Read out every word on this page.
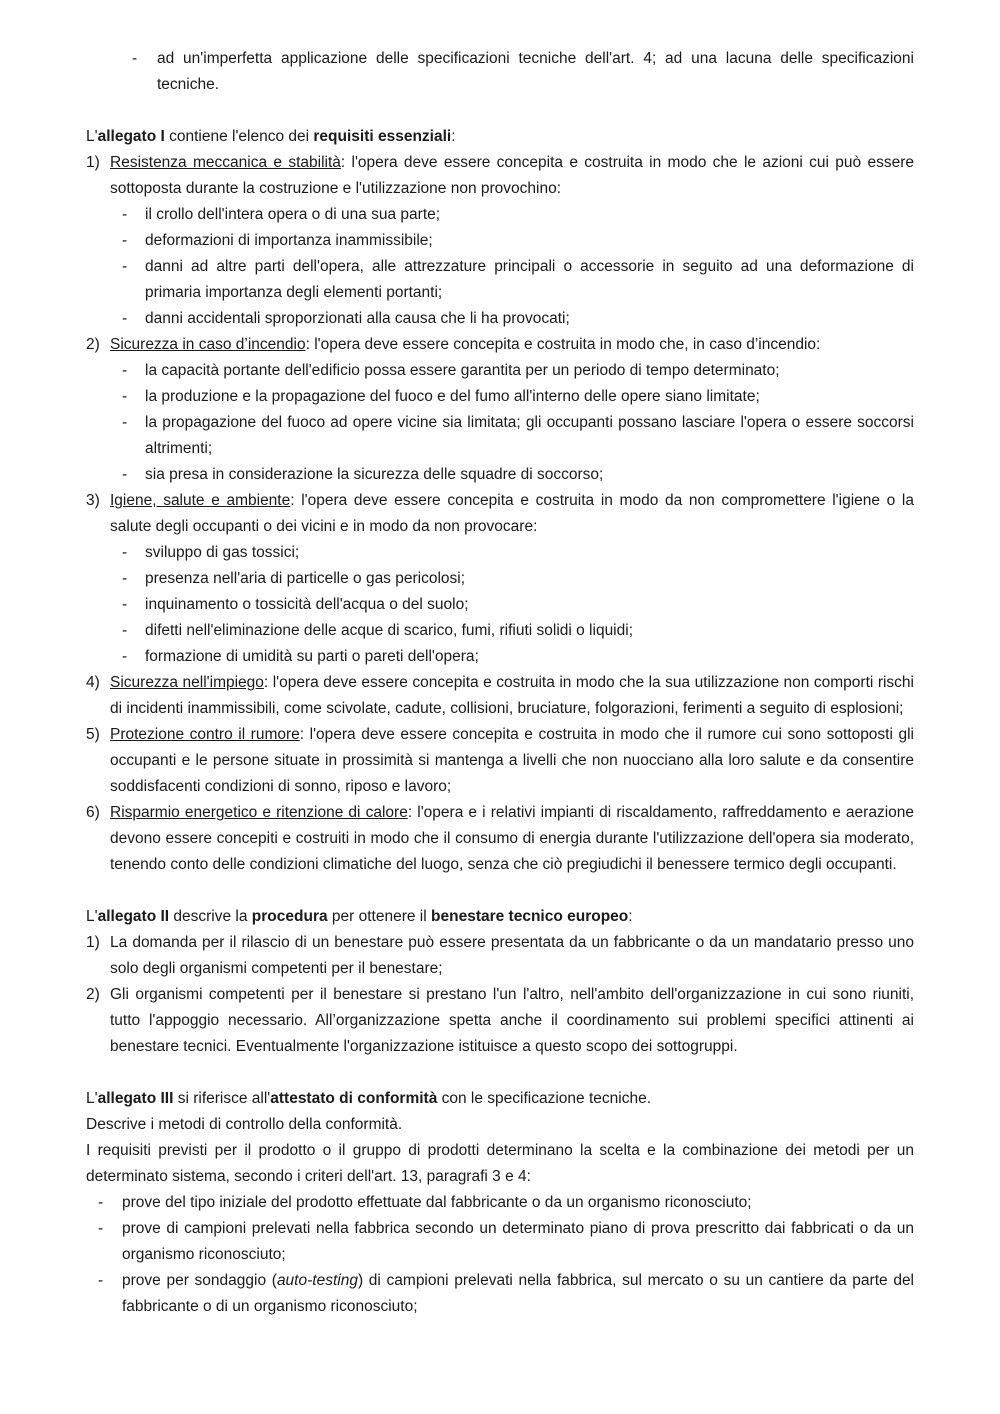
- ad un'imperfetta applicazione delle specificazioni tecniche dell'art. 4; ad una lacuna delle specificazioni tecniche.

L'allegato I contiene l'elenco dei requisiti essenziali:

1) Resistenza meccanica e stabilità: l'opera deve essere concepita e costruita in modo che le azioni cui può essere sottoposta durante la costruzione e l'utilizzazione non provochino:
- il crollo dell'intera opera o di una sua parte;
- deformazioni di importanza inammissibile;
- danni ad altre parti dell'opera, alle attrezzature principali o accessorie in seguito ad una deformazione di primaria importanza degli elementi portanti;
- danni accidentali sproporzionati alla causa che li ha provocati;
2) Sicurezza in caso d’incendio: l'opera deve essere concepita e costruita in modo che, in caso d’incendio:
- la capacità portante dell'edificio possa essere garantita per un periodo di tempo determinato;
- la produzione e la propagazione del fuoco e del fumo all'interno delle opere siano limitate;
- la propagazione del fuoco ad opere vicine sia limitata; gli occupanti possano lasciare l'opera o essere soccorsi altrimenti;
- sia presa in considerazione la sicurezza delle squadre di soccorso;
3) Igiene, salute e ambiente: l'opera deve essere concepita e costruita in modo da non compromettere l'igiene o la salute degli occupanti o dei vicini e in modo da non provocare:
- sviluppo di gas tossici;
- presenza nell'aria di particelle o gas pericolosi;
- inquinamento o tossicità dell'acqua o del suolo;
- difetti nell'eliminazione delle acque di scarico, fumi, rifiuti solidi o liquidi;
- formazione di umidità su parti o pareti dell'opera;
4) Sicurezza nell'impiego: l'opera deve essere concepita e costruita in modo che la sua utilizzazione non comporti rischi di incidenti inammissibili, come scivolate, cadute, collisioni, bruciature, folgorazioni, ferimenti a seguito di esplosioni;
5) Protezione contro il rumore: l'opera deve essere concepita e costruita in modo che il rumore cui sono sottoposti gli occupanti e le persone situate in prossimità si mantenga a livelli che non nuocciano alla loro salute e da consentire soddisfacenti condizioni di sonno, riposo e lavoro;
6) Risparmio energetico e ritenzione di calore: l'opera e i relativi impianti di riscaldamento, raffreddamento e aerazione devono essere concepiti e costruiti in modo che il consumo di energia durante l'utilizzazione dell'opera sia moderato, tenendo conto delle condizioni climatiche del luogo, senza che ciò pregiudichi il benessere termico degli occupanti.

L'allegato II descrive la procedura per ottenere il benestare tecnico europeo:

1) La domanda per il rilascio di un benestare può essere presentata da un fabbricante o da un mandatario presso uno solo degli organismi competenti per il benestare;
2) Gli organismi competenti per il benestare si prestano l'un l'altro, nell'ambito dell'organizzazione in cui sono riuniti, tutto l'appoggio necessario. All’organizzazione spetta anche il coordinamento sui problemi specifici attinenti ai benestare tecnici. Eventualmente l'organizzazione istituisce a questo scopo dei sottogruppi.

L'allegato III si riferisce all'attestato di conformità con le specificazione tecniche.

Descrive i metodi di controllo della conformità.

I requisiti previsti per il prodotto o il gruppo di prodotti determinano la scelta e la combinazione dei metodi per un determinato sistema, secondo i criteri dell'art. 13, paragrafi 3 e 4:

- prove del tipo iniziale del prodotto effettuate dal fabbricante o da un organismo riconosciuto;
- prove di campioni prelevati nella fabbrica secondo un determinato piano di prova prescritto dai fabbricati o da un organismo riconosciuto;
- prove per sondaggio (auto-testing) di campioni prelevati nella fabbrica, sul mercato o su un cantiere da parte del fabbricante o di un organismo riconosciuto;
